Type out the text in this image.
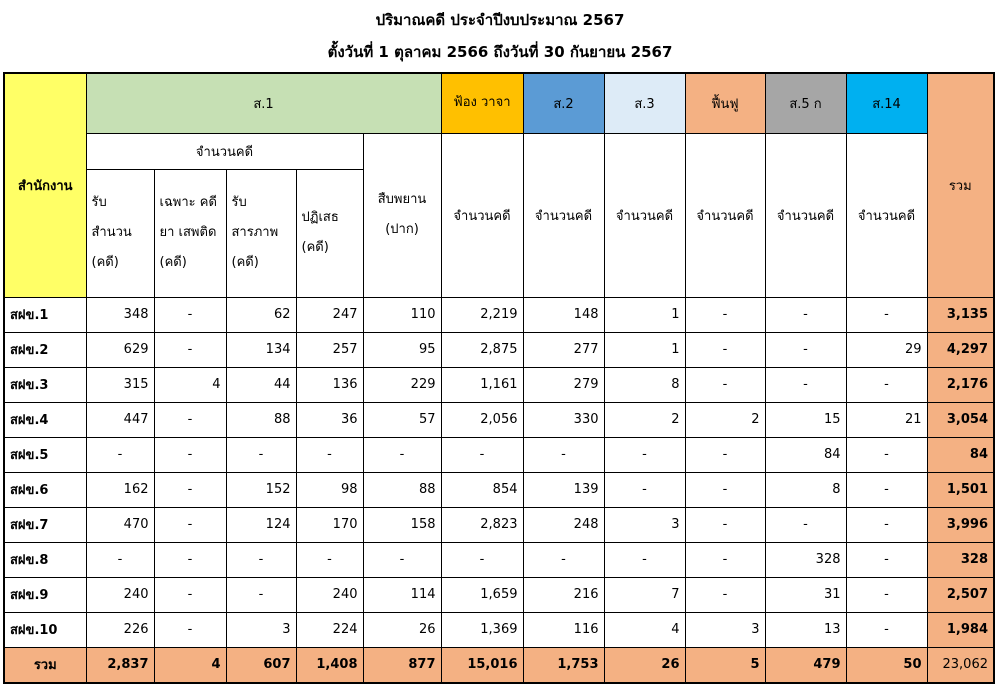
ปริมาณคดี ประจำปีงบประมาณ 2567
ตั้งวันที่ 1 ตุลาคม 2566 ถึงวันที่ 30 กันยายน 2567
สำนักงาน	ส.1					ฟ้อง วาจา	ส.2	ส.3	ฟื้นฟู	ส.5 ก	ส.14	รวม
	จำนวนคดี				สืบพยาน (ปาก)	จำนวนคดี	จำนวนคดี	จำนวนคดี	จำนวนคดี	จำนวนคดี	จำนวนคดี	
	รับ สำนวน (คดี)	เฉพาะ คดียา เสพติด (คดี)	รับ สารภาพ (คดี)	ปฏิเสธ (คดี)								
สฝข.1	348	-	62	247	110	2,219	148	1	-	-	-	3,135
สฝข.2	629	-	134	257	95	2,875	277	1	-	-	29	4,297
สฝข.3	315	4	44	136	229	1,161	279	8	-	-	-	2,176
สฝข.4	447	-	88	36	57	2,056	330	2	2	15	21	3,054
สฝข.5	-	-	-	-	-	-	-	-	-	84	-	84
สฝข.6	162	-	152	98	88	854	139	-	-	8	-	1,501
สฝข.7	470	-	124	170	158	2,823	248	3	-	-	-	3,996
สฝข.8	-	-	-	-	-	-	-	-	-	328	-	328
สฝข.9	240	-	-	240	114	1,659	216	7	-	31	-	2,507
สฝข.10	226	-	3	224	26	1,369	116	4	3	13	-	1,984
รวม	2,837	4	607	1,408	877	15,016	1,753	26	5	479	50	23,062
